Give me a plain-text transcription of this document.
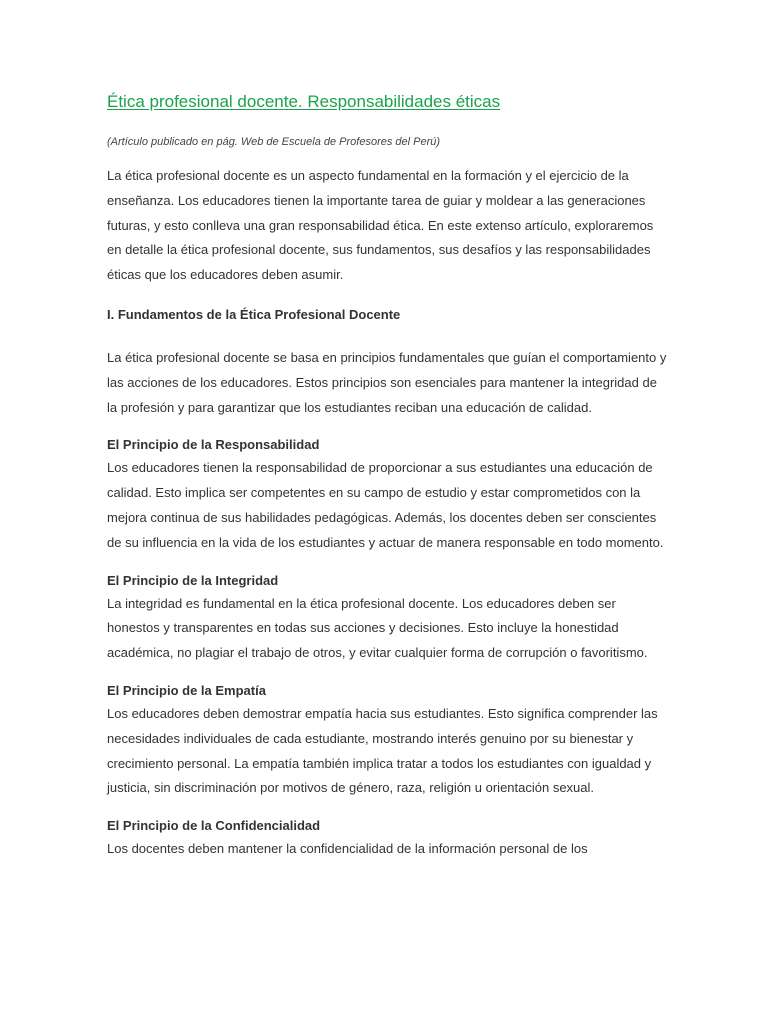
Ética profesional docente. Responsabilidades éticas

(Artículo publicado en pág. Web de Escuela de Profesores del Perú)

La ética profesional docente es un aspecto fundamental en la formación y el ejercicio de la enseñanza. Los educadores tienen la importante tarea de guiar y moldear a las generaciones futuras, y esto conlleva una gran responsabilidad ética. En este extenso artículo, exploraremos en detalle la ética profesional docente, sus fundamentos, sus desafíos y las responsabilidades éticas que los educadores deben asumir.

I. Fundamentos de la Ética Profesional Docente

La ética profesional docente se basa en principios fundamentales que guían el comportamiento y las acciones de los educadores. Estos principios son esenciales para mantener la integridad de la profesión y para garantizar que los estudiantes reciban una educación de calidad.

El Principio de la Responsabilidad

Los educadores tienen la responsabilidad de proporcionar a sus estudiantes una educación de calidad. Esto implica ser competentes en su campo de estudio y estar comprometidos con la mejora continua de sus habilidades pedagógicas. Además, los docentes deben ser conscientes de su influencia en la vida de los estudiantes y actuar de manera responsable en todo momento.

El Principio de la Integridad

La integridad es fundamental en la ética profesional docente. Los educadores deben ser honestos y transparentes en todas sus acciones y decisiones. Esto incluye la honestidad académica, no plagiar el trabajo de otros, y evitar cualquier forma de corrupción o favoritismo.

El Principio de la Empatía

Los educadores deben demostrar empatía hacia sus estudiantes. Esto significa comprender las necesidades individuales de cada estudiante, mostrando interés genuino por su bienestar y crecimiento personal. La empatía también implica tratar a todos los estudiantes con igualdad y justicia, sin discriminación por motivos de género, raza, religión u orientación sexual.

El Principio de la Confidencialidad

Los docentes deben mantener la confidencialidad de la información personal de los
